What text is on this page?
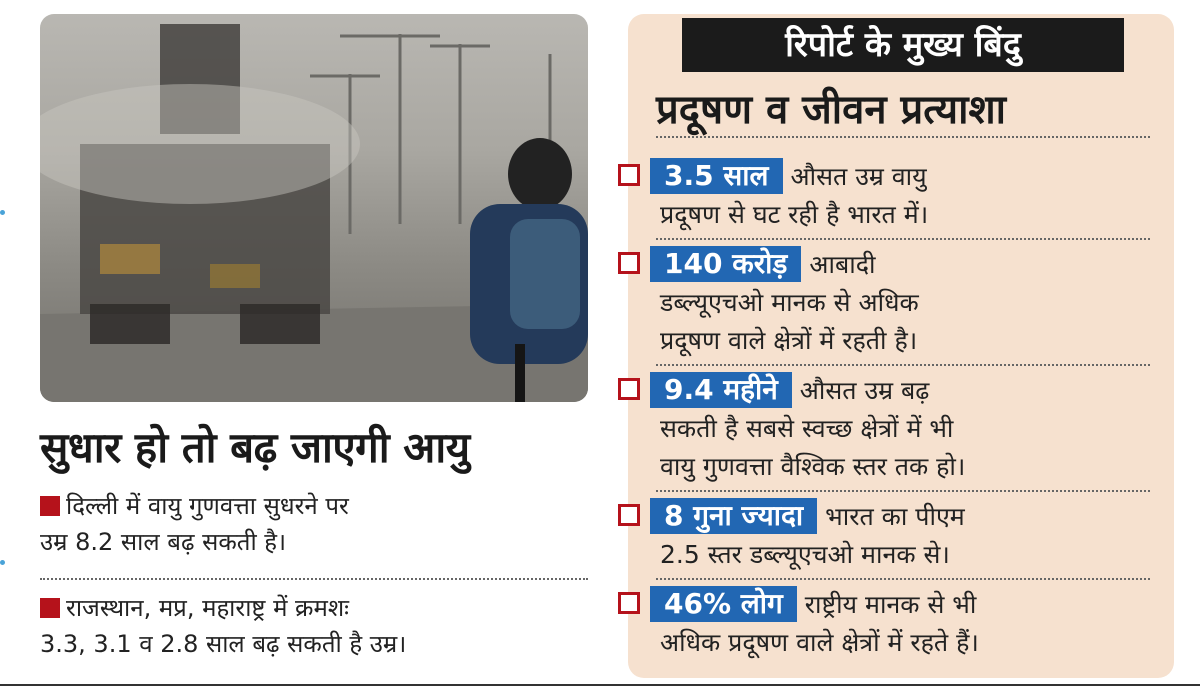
सुधार हो तो बढ़ जाएगी आयु
दिल्ली में वायु गुणवत्ता सुधरने पर
उम्र 8.2 साल बढ़ सकती है।
राजस्थान, मप्र, महाराष्ट्र में क्रमशः
3.3, 3.1 व 2.8 साल बढ़ सकती है उम्र।
रिपोर्ट के मुख्य बिंदु
प्रदूषण व जीवन प्रत्याशा
3.5 साल औसत उम्र वायु
प्रदूषण से घट रही है भारत में।
140 करोड़ आबादी
डब्ल्यूएचओ मानक से अधिक
प्रदूषण वाले क्षेत्रों में रहती है।
9.4 महीने औसत उम्र बढ़
सकती है सबसे स्वच्छ क्षेत्रों में भी
वायु गुणवत्ता वैश्विक स्तर तक हो।
8 गुना ज्यादा भारत का पीएम
2.5 स्तर डब्ल्यूएचओ मानक से।
46% लोग राष्ट्रीय मानक से भी
अधिक प्रदूषण वाले क्षेत्रों में रहते हैं।
